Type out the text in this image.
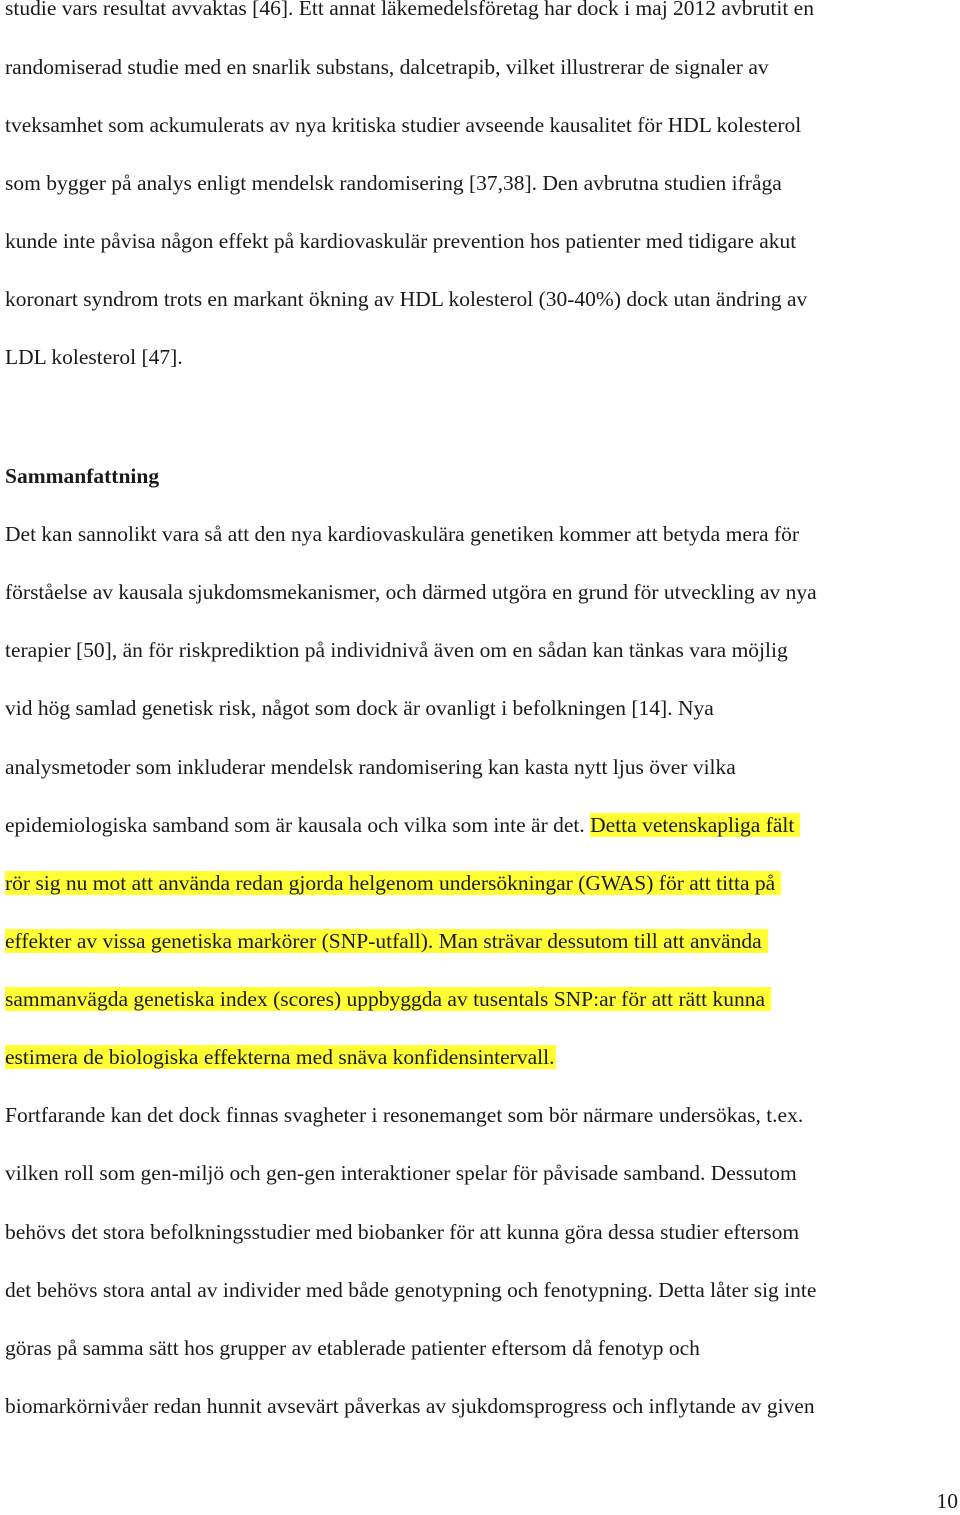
studie vars resultat avvaktas [46]. Ett annat läkemedelsföretag har dock i maj 2012 avbrutit en
randomiserad studie med en snarlik substans, dalcetrapib, vilket illustrerar de signaler av
tveksamhet som ackumulerats av nya kritiska studier avseende kausalitet för HDL kolesterol
som bygger på analys enligt mendelsk randomisering [37,38]. Den avbrutna studien ifråga
kunde inte påvisa någon effekt på kardiovaskulär prevention hos patienter med tidigare akut
koronart syndrom trots en markant ökning av HDL kolesterol (30-40%) dock utan ändring av
LDL kolesterol [47].
Sammanfattning
Det kan sannolikt vara så att den nya kardiovaskulära genetiken kommer att betyda mera för
förståelse av kausala sjukdomsmekanismer, och därmed utgöra en grund för utveckling av nya
terapier [50], än för riskprediktion på individnivå även om en sådan kan tänkas vara möjlig
vid hög samlad genetisk risk, något som dock är ovanligt i befolkningen [14]. Nya
analysmetoder som inkluderar mendelsk randomisering kan kasta nytt ljus över vilka
epidemiologiska samband som är kausala och vilka som inte är det. Detta vetenskapliga fält
rör sig nu mot att använda redan gjorda helgenom undersökningar (GWAS) för att titta på
effekter av vissa genetiska markörer (SNP-utfall). Man strävar dessutom till att använda
sammanvägda genetiska index (scores) uppbyggda av tusentals SNP:ar för att rätt kunna
estimera de biologiska effekterna med snäva konfidensintervall.
Fortfarande kan det dock finnas svagheter i resonemanget som bör närmare undersökas, t.ex.
vilken roll som gen-miljö och gen-gen interaktioner spelar för påvisade samband. Dessutom
behövs det stora befolkningsstudier med biobanker för att kunna göra dessa studier eftersom
det behövs stora antal av individer med både genotypning och fenotypning. Detta låter sig inte
göras på samma sätt hos grupper av etablerade patienter eftersom då fenotyp och
biomarkörnivåer redan hunnit avsevärt påverkas av sjukdomsprogress och inflytande av given
10
